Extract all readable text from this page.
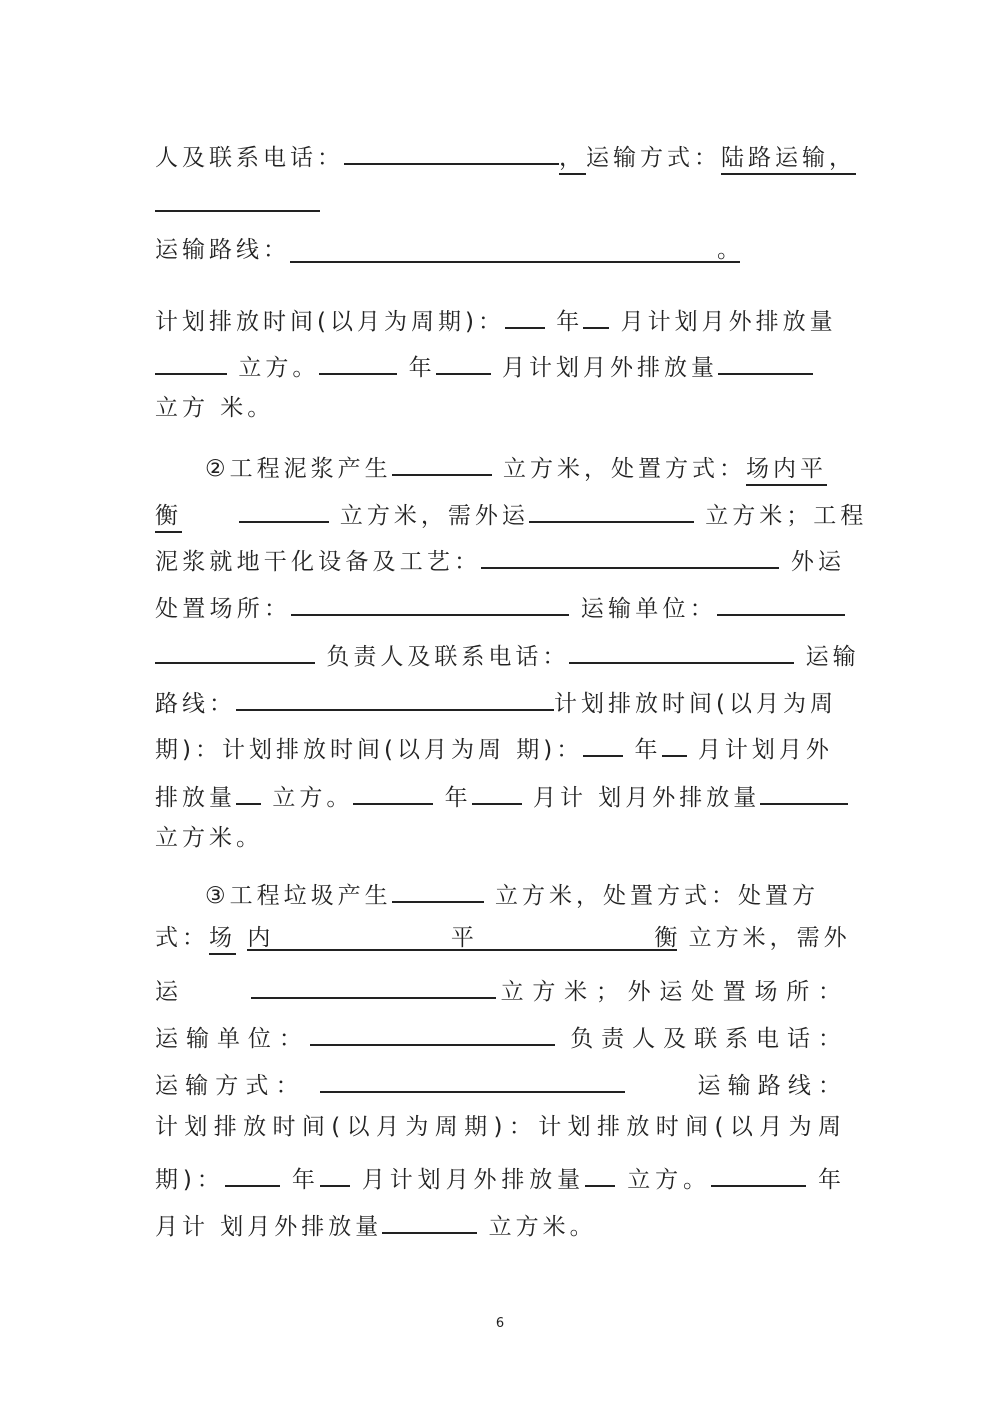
人及联系电话：	，运输方式：陆路运输，
运输路线：	。
计划排放时间(以月为周期)： 年 月计划月外排放量
立方。	年	月计划月外排放量
立方 米。
②工程泥浆产生	立方米，处置方式：场内平
衡	立方米，需外运	立方米；工程
泥浆就地干化设备及工艺：	外运
处置场所：	运输单位：
负责人及联系电话：	运输
路线：	计划排放时间(以月为周
期)：计划排放时间(以月为周 期)： 年 月计划月外
排放量 立方。	年	月计 划月外排放量
立方米。
③工程垃圾产生	立方米，处置方式：处置方
式：场 内平衡 立方米，需外
运	立方米；外运处置场所：
运输单位：	负责人及联系电话：
运输方式：	运输路线：
计划排放时间(以月为周期)：计划排放时间(以月为周
期)：	年 月计划月外排放量 立方。	年
月计 划月外排放量	立方米。
6
